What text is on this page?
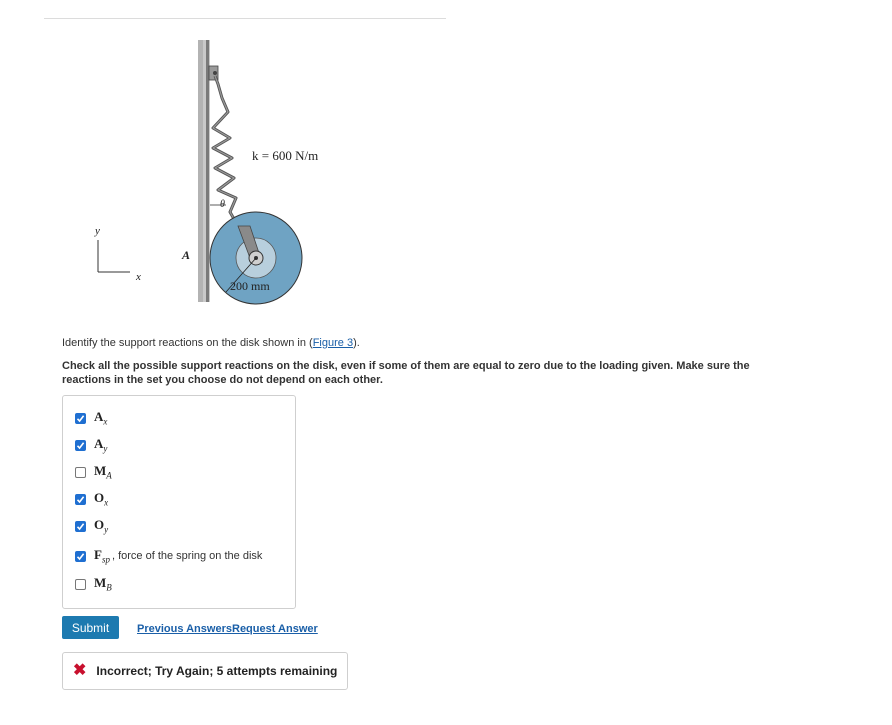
y
x
A
k = 600 N/m
θ
200 mm
Identify the support reactions on the disk shown in (Figure 3).
Check all the possible support reactions on the disk, even if some of them are equal to zero due to the loading given. Make sure the reactions in the set you choose do not depend on each other.
$A_x$
$A_y$
$M_A$
$O_x$
$O_y$
$F_{sp}$ , force of the spring on the disk
$M_B$
Submit	Previous Answers Request Answer
✖ Incorrect; Try Again; 5 attempts remaining
